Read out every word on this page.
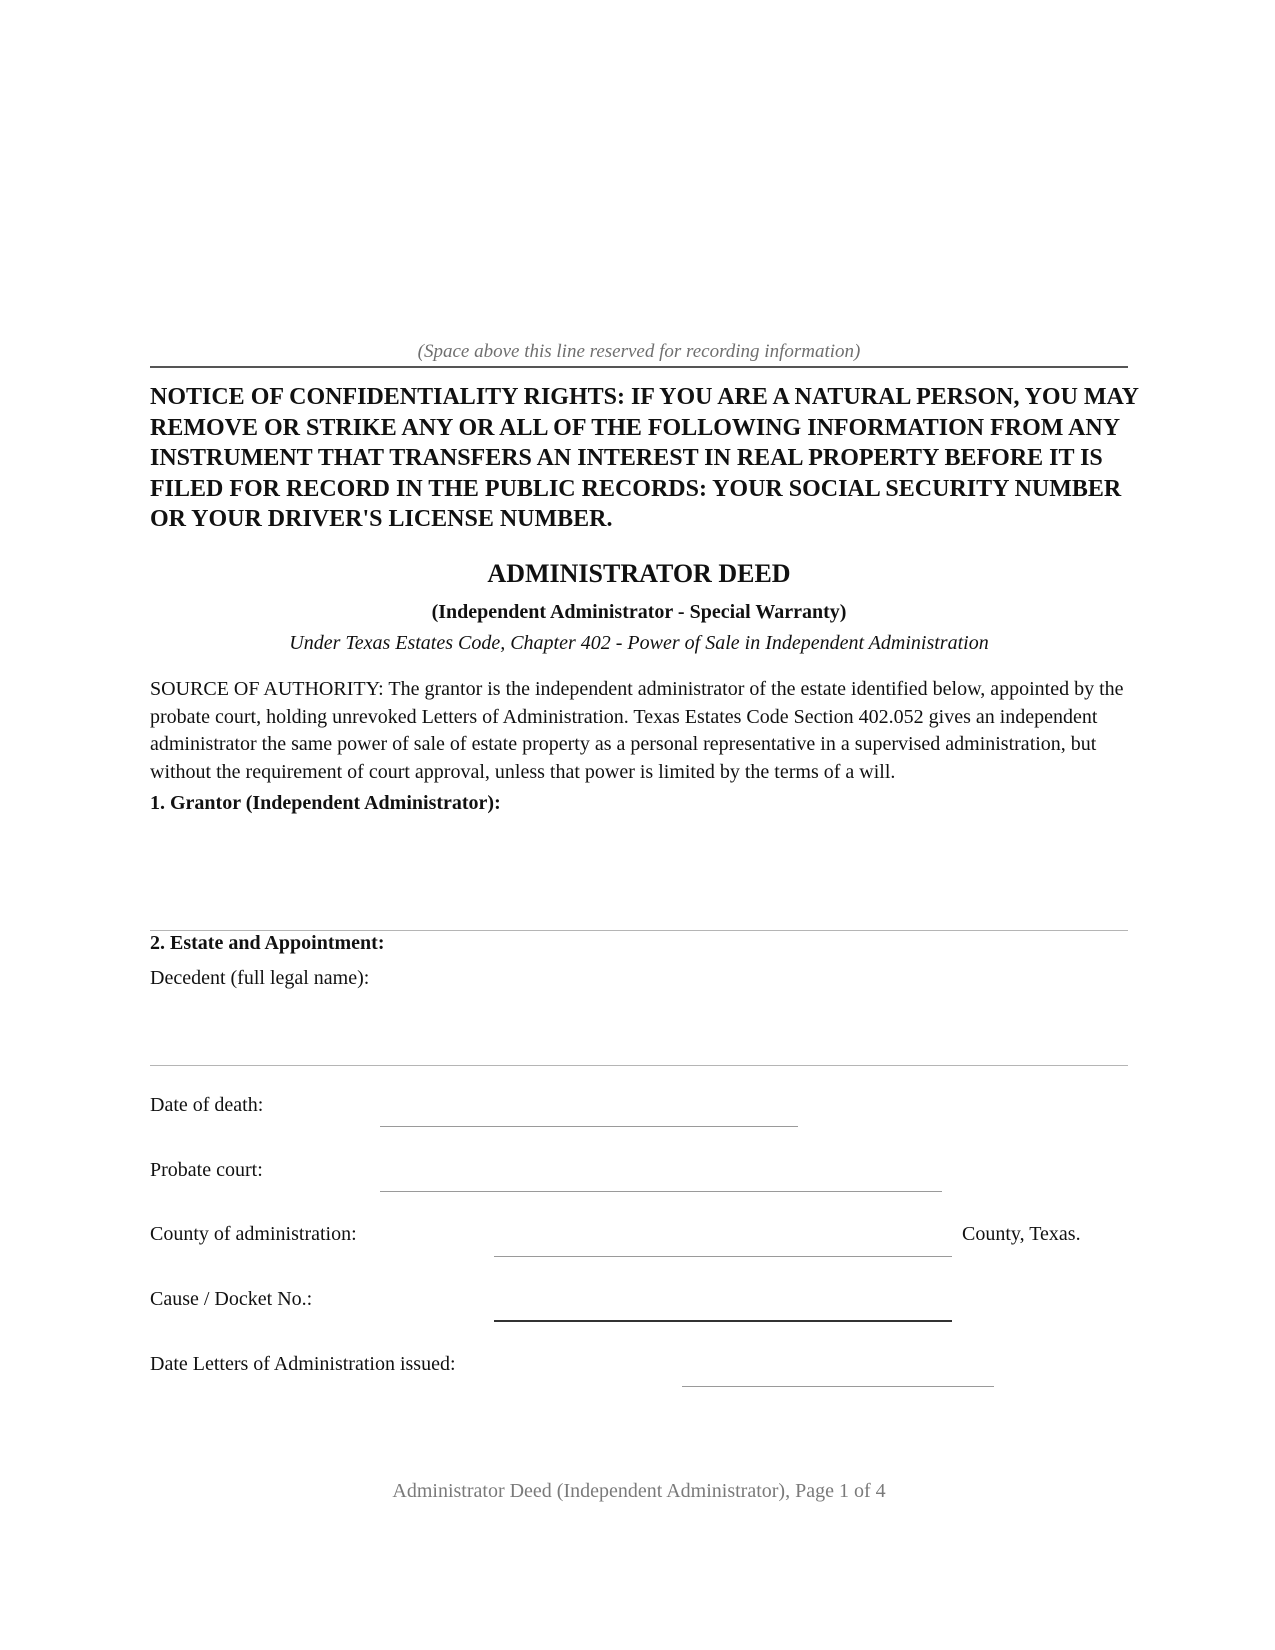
(Space above this line reserved for recording information)
NOTICE OF CONFIDENTIALITY RIGHTS: IF YOU ARE A NATURAL PERSON, YOU MAY REMOVE OR STRIKE ANY OR ALL OF THE FOLLOWING INFORMATION FROM ANY INSTRUMENT THAT TRANSFERS AN INTEREST IN REAL PROPERTY BEFORE IT IS FILED FOR RECORD IN THE PUBLIC RECORDS: YOUR SOCIAL SECURITY NUMBER OR YOUR DRIVER'S LICENSE NUMBER.
ADMINISTRATOR DEED
(Independent Administrator - Special Warranty)
Under Texas Estates Code, Chapter 402 - Power of Sale in Independent Administration
SOURCE OF AUTHORITY: The grantor is the independent administrator of the estate identified below, appointed by the probate court, holding unrevoked Letters of Administration. Texas Estates Code Section 402.052 gives an independent administrator the same power of sale of estate property as a personal representative in a supervised administration, but without the requirement of court approval, unless that power is limited by the terms of a will.
1. Grantor (Independent Administrator):
2. Estate and Appointment:
Decedent (full legal name):
Date of death:
Probate court:
County of administration:	County, Texas.
Cause / Docket No.:
Date Letters of Administration issued:
Administrator Deed (Independent Administrator), Page 1 of 4
